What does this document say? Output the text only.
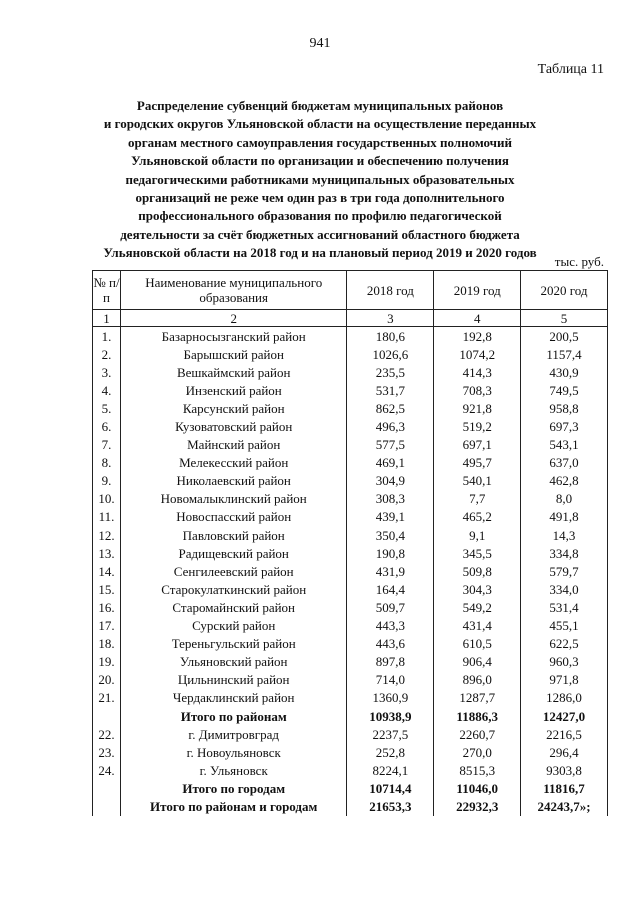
941
Таблица 11
Распределение субвенций бюджетам муниципальных районов
и городских округов Ульяновской области на осуществление переданных
органам местного самоуправления государственных полномочий
Ульяновской области по организации и обеспечению получения
педагогическими работниками муниципальных образовательных
организаций не реже чем один раз в три года дополнительного
профессионального образования по профилю педагогической
деятельности за счёт бюджетных ассигнований областного бюджета
Ульяновской области на 2018 год и на плановый период 2019 и 2020 годов
тыс. руб.
№ п/п	Наименование муниципального образования	2018 год	2019 год	2020 год
1	2	3	4	5
1.	Базарносызганский район	180,6	192,8	200,5
2.	Барышский район	1026,6	1074,2	1157,4
3.	Вешкаймский район	235,5	414,3	430,9
4.	Инзенский район	531,7	708,3	749,5
5.	Карсунский район	862,5	921,8	958,8
6.	Кузоватовский район	496,3	519,2	697,3
7.	Майнский район	577,5	697,1	543,1
8.	Мелекесский район	469,1	495,7	637,0
9.	Николаевский район	304,9	540,1	462,8
10.	Новомалыклинский район	308,3	7,7	8,0
11.	Новоспасский район	439,1	465,2	491,8
12.	Павловский район	350,4	9,1	14,3
13.	Радищевский район	190,8	345,5	334,8
14.	Сенгилеевский район	431,9	509,8	579,7
15.	Старокулаткинский район	164,4	304,3	334,0
16.	Старомайнский район	509,7	549,2	531,4
17.	Сурский район	443,3	431,4	455,1
18.	Тереньгульский район	443,6	610,5	622,5
19.	Ульяновский район	897,8	906,4	960,3
20.	Цильнинский район	714,0	896,0	971,8
21.	Чердаклинский район	1360,9	1287,7	1286,0
	Итого по районам	10938,9	11886,3	12427,0
22.	г. Димитровград	2237,5	2260,7	2216,5
23.	г. Новоульяновск	252,8	270,0	296,4
24.	г. Ульяновск	8224,1	8515,3	9303,8
	Итого по городам	10714,4	11046,0	11816,7
	Итого по районам и городам	21653,3	22932,3	24243,7»;
